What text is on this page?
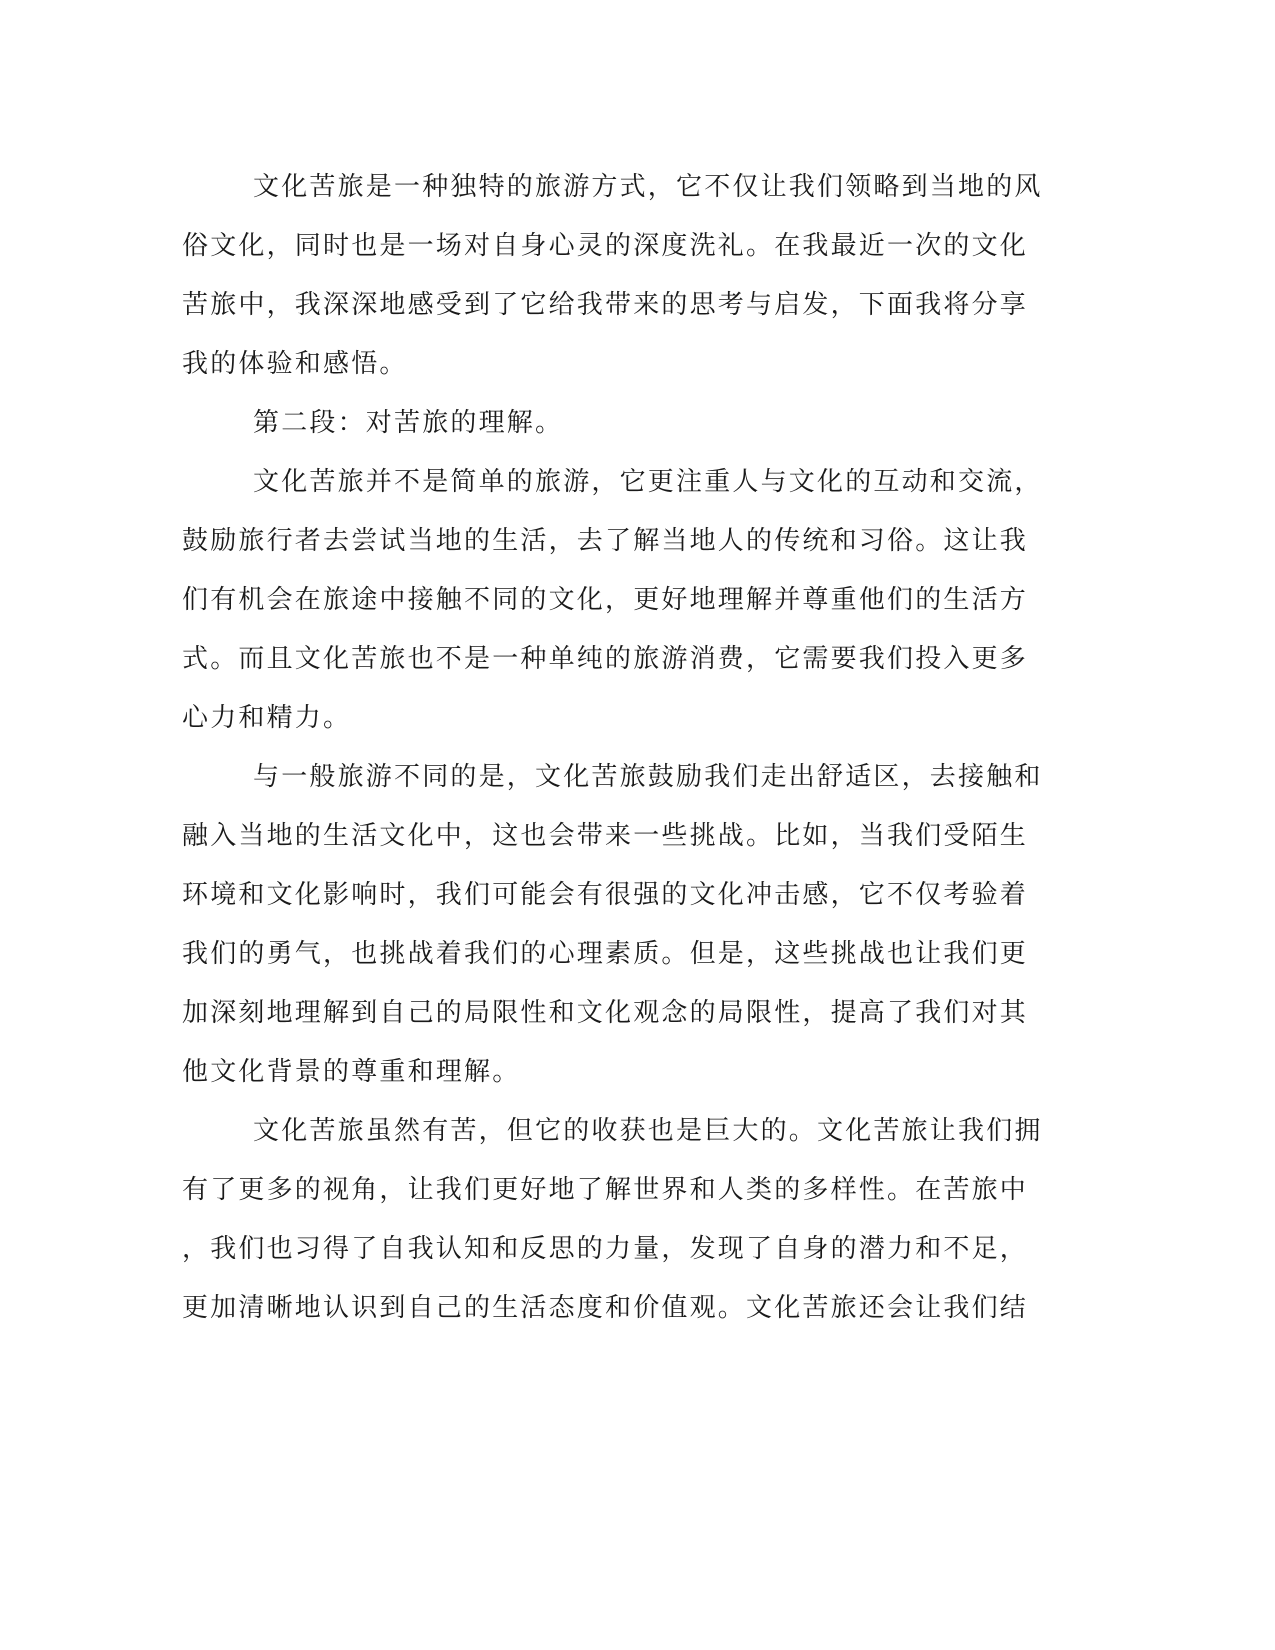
文化苦旅是一种独特的旅游方式，它不仅让我们领略到当地的风
俗文化，同时也是一场对自身心灵的深度洗礼。在我最近一次的文化
苦旅中，我深深地感受到了它给我带来的思考与启发，下面我将分享
我的体验和感悟。
第二段：对苦旅的理解。
文化苦旅并不是简单的旅游，它更注重人与文化的互动和交流，
鼓励旅行者去尝试当地的生活，去了解当地人的传统和习俗。这让我
们有机会在旅途中接触不同的文化，更好地理解并尊重他们的生活方
式。而且文化苦旅也不是一种单纯的旅游消费，它需要我们投入更多
心力和精力。
与一般旅游不同的是，文化苦旅鼓励我们走出舒适区，去接触和
融入当地的生活文化中，这也会带来一些挑战。比如，当我们受陌生
环境和文化影响时，我们可能会有很强的文化冲击感，它不仅考验着
我们的勇气，也挑战着我们的心理素质。但是，这些挑战也让我们更
加深刻地理解到自己的局限性和文化观念的局限性，提高了我们对其
他文化背景的尊重和理解。
文化苦旅虽然有苦，但它的收获也是巨大的。文化苦旅让我们拥
有了更多的视角，让我们更好地了解世界和人类的多样性。在苦旅中
，我们也习得了自我认知和反思的力量，发现了自身的潜力和不足，
更加清晰地认识到自己的生活态度和价值观。文化苦旅还会让我们结
